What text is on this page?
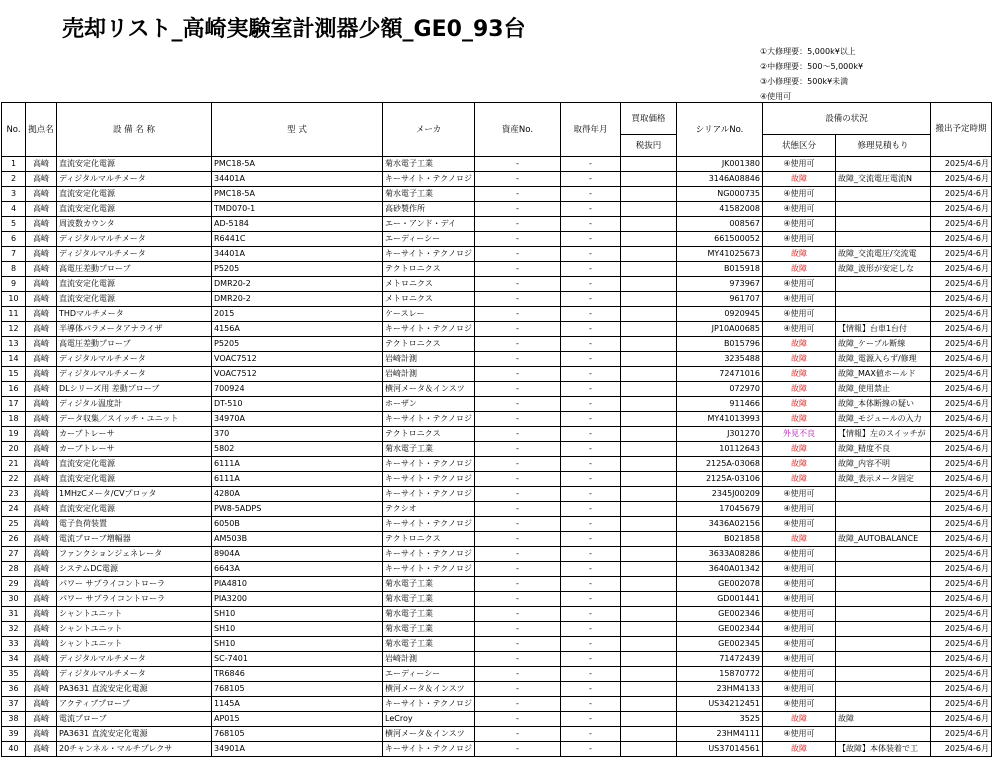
売却リスト_高崎実験室計測器少額_GE0_93台
①大修理要：5,000k¥以上
②中修理要：500～5,000k¥
③小修理要：500k¥未満
④使用可
No.	拠点名	設 備 名 称	型 式	メーカ	資産No.	取得年月	買取価格	シリアルNo.	設備の状況		搬出予定時期
							税抜円		状態区分	修理見積もり	
1	高崎	直流安定化電源	PMC18-5A	菊水電子工業	-	-		JK001380	④使用可		2025/4-6月
2	高崎	ディジタルマルチメータ	34401A	キーサイト・テクノロジ	-	-		3146A08846	故障	故障_交流電圧電流N	2025/4-6月
3	高崎	直流安定化電源	PMC18-5A	菊水電子工業	-	-		NG000735	④使用可		2025/4-6月
4	高崎	直流安定化電源	TMD070-1	高砂製作所	-	-		41582008	④使用可		2025/4-6月
5	高崎	周波数カウンタ	AD-5184	エー・アンド・デイ	-	-		008567	④使用可		2025/4-6月
6	高崎	ディジタルマルチメータ	R6441C	エーディーシー	-	-		661500052	④使用可		2025/4-6月
7	高崎	ディジタルマルチメータ	34401A	キーサイト・テクノロジ	-	-		MY41025673	故障	故障_交流電圧/交流電	2025/4-6月
8	高崎	高電圧差動プローブ	P5205	テクトロニクス	-	-		B015918	故障	故障_波形が安定しな	2025/4-6月
9	高崎	直流安定化電源	DMR20-2	メトロニクス	-	-		973967	④使用可		2025/4-6月
10	高崎	直流安定化電源	DMR20-2	メトロニクス	-	-		961707	④使用可		2025/4-6月
11	高崎	THDマルチメータ	2015	ケースレー	-	-		0920945	④使用可		2025/4-6月
12	高崎	半導体パラメータアナライザ	4156A	キーサイト・テクノロジ	-	-		JP10A00685	④使用可	【情報】台車1台付	2025/4-6月
13	高崎	高電圧差動プローブ	P5205	テクトロニクス	-	-		B015796	故障	故障_ケーブル断線	2025/4-6月
14	高崎	ディジタルマルチメータ	VOAC7512	岩崎計測	-	-		3235488	故障	故障_電源入らず/修理	2025/4-6月
15	高崎	ディジタルマルチメータ	VOAC7512	岩崎計測	-	-		72471016	故障	故障_MAX値ホールド	2025/4-6月
16	高崎	DLシリーズ用 差動プローブ	700924	横河メータ＆インスツ	-	-		072970	故障	故障_使用禁止	2025/4-6月
17	高崎	ディジタル温度計	DT-510	ホーザン	-	-		911466	故障	故障_本体断線の疑い	2025/4-6月
18	高崎	データ収集／スイッチ・ユニット	34970A	キーサイト・テクノロジ	-	-		MY41013993	故障	故障_モジュールの入力	2025/4-6月
19	高崎	カーブトレーサ	370	テクトロニクス	-	-		J301270	外見不良	【情報】左のスイッチが	2025/4-6月
20	高崎	カーブトレーサ	5802	菊水電子工業	-	-		10112643	故障	故障_精度不良	2025/4-6月
21	高崎	直流安定化電源	6111A	キーサイト・テクノロジ	-	-		2125A-03068	故障	故障_内容不明	2025/4-6月
22	高崎	直流安定化電源	6111A	キーサイト・テクノロジ	-	-		2125A-03106	故障	故障_表示メータ固定	2025/4-6月
23	高崎	1MHzCメータ/CVプロッタ	4280A	キーサイト・テクノロジ	-	-		2345J00209	④使用可		2025/4-6月
24	高崎	直流安定化電源	PW8-5ADPS	テクシオ	-	-		17045679	④使用可		2025/4-6月
25	高崎	電子負荷装置	6050B	キーサイト・テクノロジ	-	-		3436A02156	④使用可		2025/4-6月
26	高崎	電流プローブ増幅器	AM503B	テクトロニクス	-	-		B021858	故障	故障_AUTOBALANCE	2025/4-6月
27	高崎	ファンクションジェネレータ	8904A	キーサイト・テクノロジ	-	-		3633A08286	④使用可		2025/4-6月
28	高崎	システムDC電源	6643A	キーサイト・テクノロジ	-	-		3640A01342	④使用可		2025/4-6月
29	高崎	パワー サプライコントローラ	PIA4810	菊水電子工業	-	-		GE002078	④使用可		2025/4-6月
30	高崎	パワー サプライコントローラ	PIA3200	菊水電子工業	-	-		GD001441	④使用可		2025/4-6月
31	高崎	シャントユニット	SH10	菊水電子工業	-	-		GE002346	④使用可		2025/4-6月
32	高崎	シャントユニット	SH10	菊水電子工業	-	-		GE002344	④使用可		2025/4-6月
33	高崎	シャントユニット	SH10	菊水電子工業	-	-		GE002345	④使用可		2025/4-6月
34	高崎	ディジタルマルチメータ	SC-7401	岩崎計測	-	-		71472439	④使用可		2025/4-6月
35	高崎	ディジタルマルチメータ	TR6846	エーディーシー	-	-		15870772	④使用可		2025/4-6月
36	高崎	PA3631 直流安定化電源	768105	横河メータ＆インスツ	-	-		23HM4133	④使用可		2025/4-6月
37	高崎	アクティブプローブ	1145A	キーサイト・テクノロジ	-	-		US34212451	④使用可		2025/4-6月
38	高崎	電流プローブ	AP015	LeCroy	-	-		3525	故障	故障	2025/4-6月
39	高崎	PA3631 直流安定化電源	768105	横河メータ＆インスツ	-	-		23HM4111	④使用可		2025/4-6月
40	高崎	20チャンネル・マルチプレクサ	34901A	キーサイト・テクノロジ	-	-		US37014561	故障	【故障】本体装着で工	2025/4-6月
